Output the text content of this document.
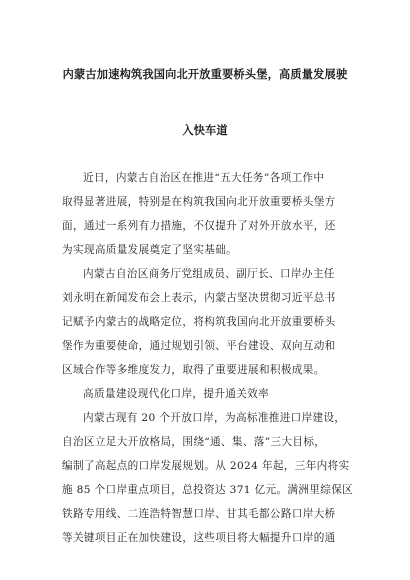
内蒙古加速构筑我国向北开放重要桥头堡，高质量发展驶
入快车道
近日，内蒙古自治区在推进“五大任务”各项工作中
取得显著进展，特别是在构筑我国向北开放重要桥头堡方
面，通过一系列有力措施，不仅提升了对外开放水平，还
为实现高质量发展奠定了坚实基础。
内蒙古自治区商务厅党组成员、副厅长、口岸办主任
刘永明在新闻发布会上表示，内蒙古坚决贯彻习近平总书
记赋予内蒙古的战略定位，将构筑我国向北开放重要桥头
堡作为重要使命，通过规划引领、平台建设、双向互动和
区域合作等多维度发力，取得了重要进展和积极成果。
高质量建设现代化口岸，提升通关效率
内蒙古现有 20 个开放口岸，为高标准推进口岸建设，
自治区立足大开放格局，围绕“通、集、落”三大目标，
编制了高起点的口岸发展规划。从 2024 年起，三年内将实
施 85 个口岸重点项目，总投资达 371 亿元。满洲里综保区
铁路专用线、二连浩特智慧口岸、甘其毛都公路口岸大桥
等关键项目正在加快建设，这些项目将大幅提升口岸的通
